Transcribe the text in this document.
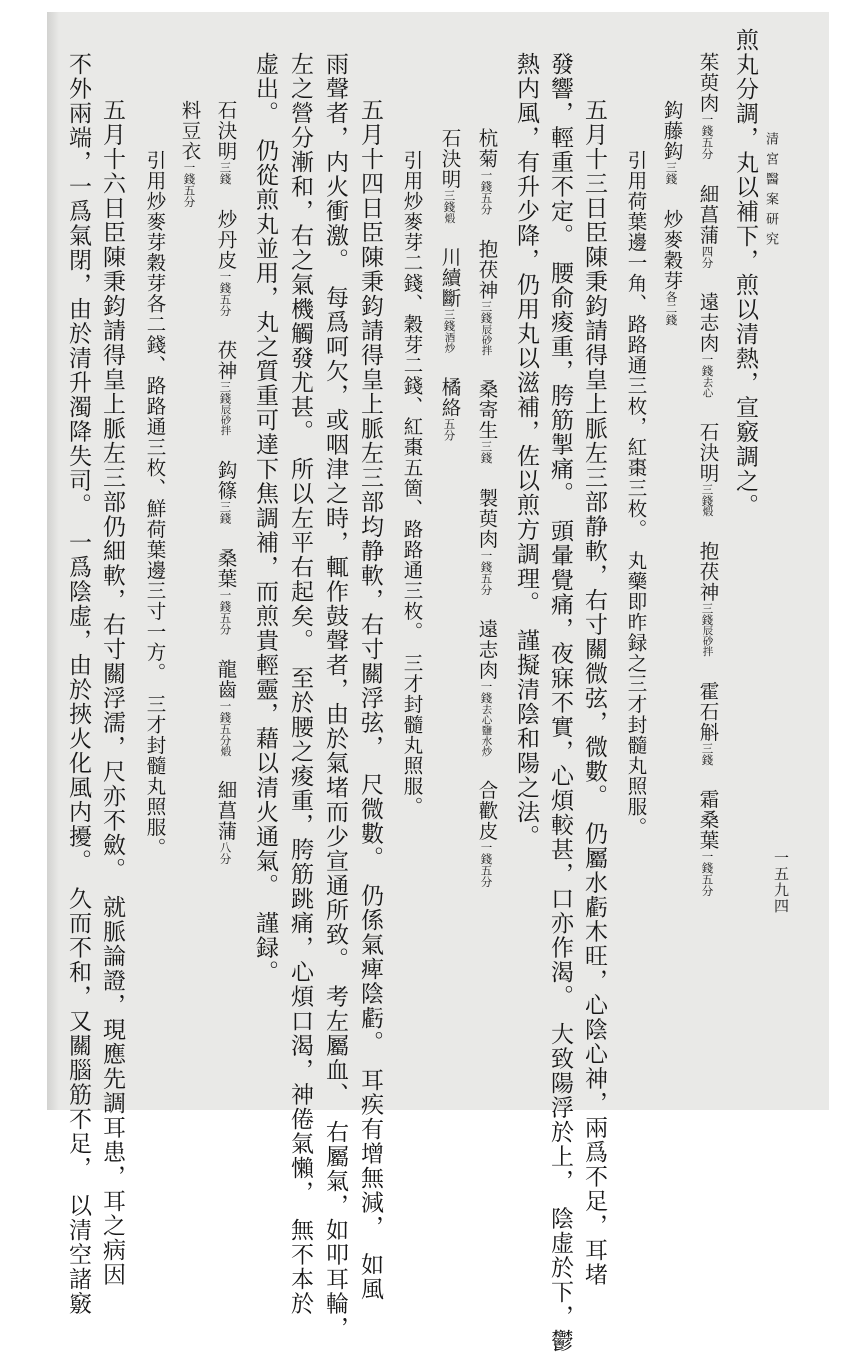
清宮醫案研究
一五九四
煎丸分調，丸以補下，煎以清熱，宣竅調之。
茱萸肉一錢五分 細菖蒲四分 遠志肉一錢去心 石決明三錢煅 抱茯神三錢辰砂拌 霍石斛三錢 霜桑葉一錢五分
鈎藤鈎三錢 炒麥穀芽各二錢
引用荷葉邊一角、路路通三枚，紅棗三枚。　丸藥即昨録之三才封髓丸照服。
五月十三日臣陳秉鈞請得皇上脈左三部静軟，右寸關微弦，微數。　仍屬水虧木旺，心陰心神，兩爲不足，耳堵
發響，輕重不定。　腰俞痠重，胯筋掣痛。　頭暈覺痛，夜寐不實，心煩較甚，口亦作渴。　大致陽浮於上，　陰虚於下，鬱
熱内風，有升少降，仍用丸以滋補，佐以煎方調理。　謹擬清陰和陽之法。
杭菊一錢五分 抱茯神三錢辰砂拌 桑寄生三錢 製萸肉一錢五分 遠志肉一錢去心鹽水炒 合歡皮一錢五分
石決明三錢煅 川續斷三錢酒炒 橘絡五分
引用炒麥芽二錢、穀芽二錢、紅棗五箇、路路通三枚。　三才封髓丸照服。
五月十四日臣陳秉鈞請得皇上脈左三部均静軟，右寸關浮弦，　尺微數。　仍係氣痺陰虧。　耳疾有增無減，　如風
雨聲者，内火衝激。　每爲呵欠，或咽津之時，輒作鼓聲者，由於氣堵而少宣通所致。　考左屬血、　右屬氣，如叩耳輪，
左之營分漸和，右之氣機觸發尤甚。　所以左平右起矣。　至於腰之痠重，胯筋跳痛，心煩口渴，神倦氣懶，　無不本於
虚出。　仍從煎丸並用，丸之質重可達下焦調補，而煎貴輕靈，藉以清火通氣。　謹録。
石決明三錢 炒丹皮一錢五分 茯神三錢辰砂拌 鈎篠三錢 桑葉一錢五分 龍齒一錢五分煅 細菖蒲八分
料豆衣一錢五分
引用炒麥芽穀芽各二錢、路路通三枚、鮮荷葉邊三寸一方。　三才封髓丸照服。
五月十六日臣陳秉鈞請得皇上脈左三部仍細軟，右寸關浮濡，尺亦不斂。　就脈論證，現應先調耳患，耳之病因
不外兩端，一爲氣閉，由於清升濁降失司。　一爲陰虚，由於挾火化風内擾。　久而不和，又關腦筋不足，　以清空諸竅
